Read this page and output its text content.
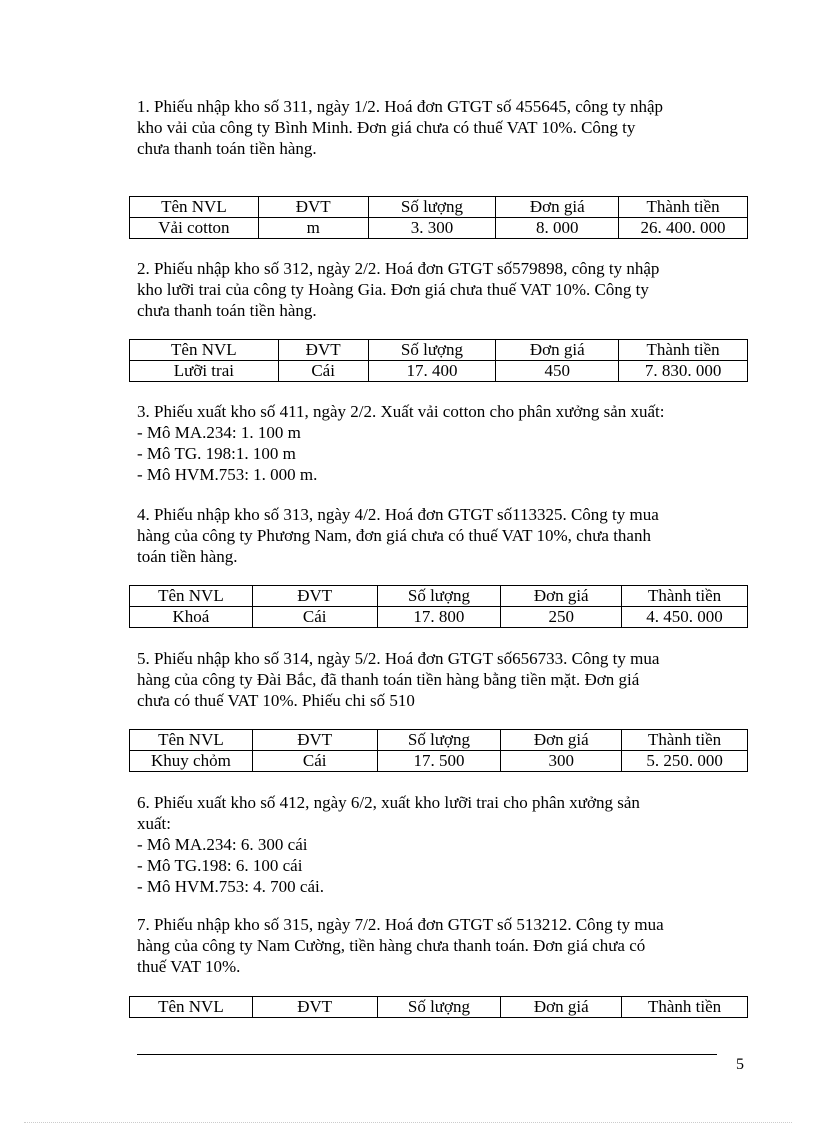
1. Phiếu nhập kho số 311, ngày 1/2. Hoá đơn GTGT số 455645, công ty nhập
kho vải của công ty Bình Minh. Đơn giá chưa có thuế VAT 10%. Công ty
chưa thanh toán tiền hàng.
Tên NVL	ĐVT	Số lượng	Đơn giá	Thành tiền
Vải cotton	m	3. 300	8. 000	26. 400. 000
2. Phiếu nhập kho số 312, ngày 2/2. Hoá đơn GTGT số579898, công ty nhập
kho lưỡi trai của công ty Hoàng Gia. Đơn giá chưa thuế VAT 10%. Công ty
chưa thanh toán tiền hàng.
Tên NVL	ĐVT	Số lượng	Đơn giá	Thành tiền
Lưỡi trai	Cái	17. 400	450	7. 830. 000
3. Phiếu xuất kho số 411, ngày 2/2. Xuất vải cotton cho phân xưởng sản xuất:
- Mô MA.234: 1. 100 m
- Mô TG. 198:1. 100 m
- Mô HVM.753: 1. 000 m.
4. Phiếu nhập kho số 313, ngày 4/2. Hoá đơn GTGT số113325. Công ty mua
hàng của công ty Phương Nam, đơn giá chưa có thuế VAT 10%, chưa thanh
toán tiền hàng.
Tên NVL	ĐVT	Số lượng	Đơn giá	Thành tiền
Khoá	Cái	17. 800	250	4. 450. 000
5. Phiếu nhập kho số 314, ngày 5/2. Hoá đơn GTGT số656733. Công ty mua
hàng của công ty Đài Bắc, đã thanh toán tiền hàng bằng tiền mặt. Đơn giá
chưa có thuế VAT 10%. Phiếu chi số 510
Tên NVL	ĐVT	Số lượng	Đơn giá	Thành tiền
Khuy chỏm	Cái	17. 500	300	5. 250. 000
6. Phiếu xuất kho số 412, ngày 6/2, xuất kho lưỡi trai cho phân xưởng sản
xuất:
- Mô MA.234: 6. 300 cái
- Mô TG.198: 6. 100 cái
- Mô HVM.753: 4. 700 cái.
7. Phiếu nhập kho số 315, ngày 7/2. Hoá đơn GTGT số 513212. Công ty mua
hàng của công ty Nam Cường, tiền hàng chưa thanh toán. Đơn giá chưa có
thuế VAT 10%.
Tên NVL	ĐVT	Số lượng	Đơn giá	Thành tiền
5
